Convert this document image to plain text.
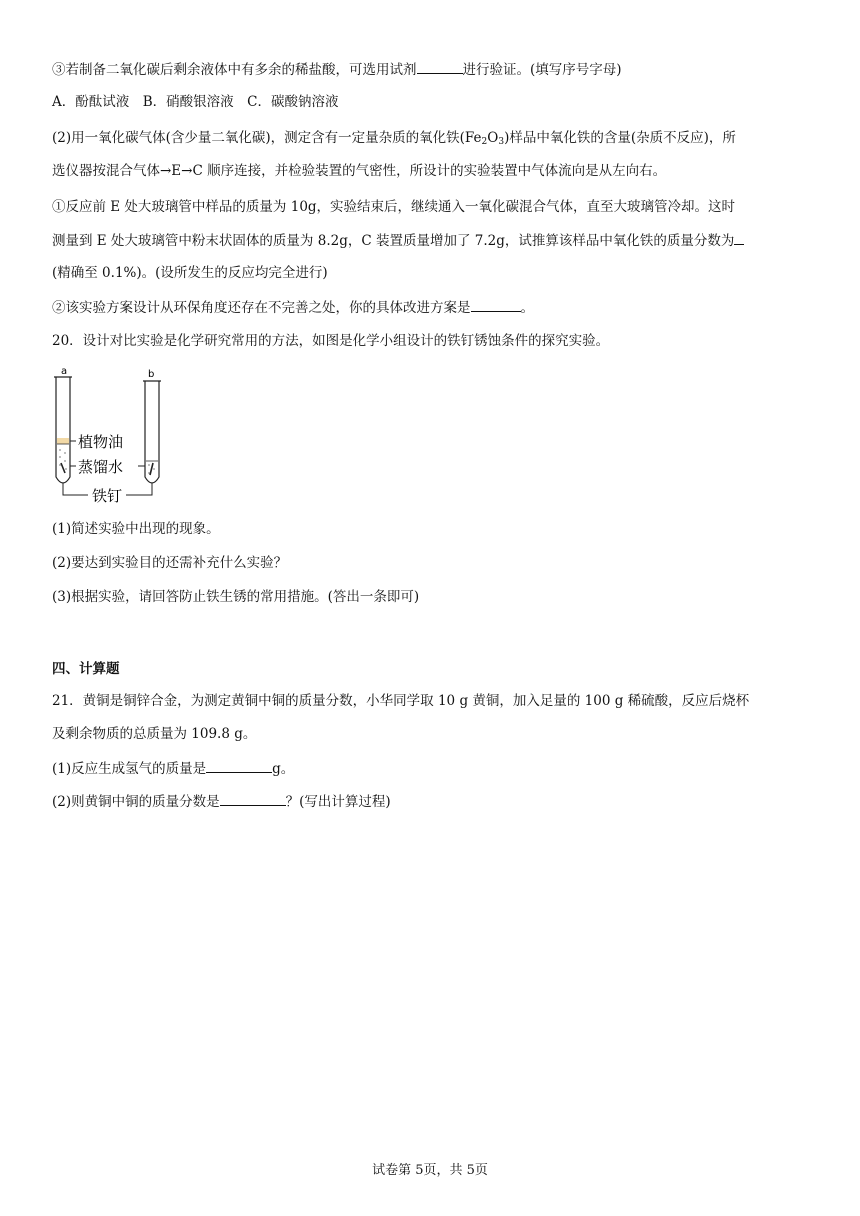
③若制备二氧化碳后剩余液体中有多余的稀盐酸，可选用试剂	进行验证。(填写序号字母)
A．酚酞试液　B．硝酸银溶液　C．碳酸钠溶液
(2)用一氧化碳气体(含少量二氧化碳)，测定含有一定量杂质的氧化铁$(Fe_2O_3)$样品中氧化铁的含量(杂质不反应)，所
选仪器按混合气体→E→C 顺序连接，并检验装置的气密性，所设计的实验装置中气体流向是从左向右。
①反应前 E 处大玻璃管中样品的质量为 10g，实验结束后，继续通入一氧化碳混合气体，直至大玻璃管冷却。这时
测量到 E 处大玻璃管中粉末状固体的质量为 8.2g，C 装置质量增加了 7.2g，试推算该样品中氧化铁的质量分数为
(精确至 0.1%)。(设所发生的反应均完全进行)
②该实验方案设计从环保角度还存在不完善之处，你的具体改进方案是	。
20．设计对比实验是化学研究常用的方法，如图是化学小组设计的铁钉锈蚀条件的探究实验。
a	b
植物油
蒸馏水
铁钉
(1)简述实验中出现的现象。
(2)要达到实验目的还需补充什么实验？
(3)根据实验，请回答防止铁生锈的常用措施。(答出一条即可)
四、计算题
21．黄铜是铜锌合金，为测定黄铜中铜的质量分数，小华同学取 10 g 黄铜，加入足量的 100 g 稀硫酸，反应后烧杯
及剩余物质的总质量为 109.8 g。
(1)反应生成氢气的质量是	g。
(2)则黄铜中铜的质量分数是	？(写出计算过程)
试卷第 5页，共 5页
